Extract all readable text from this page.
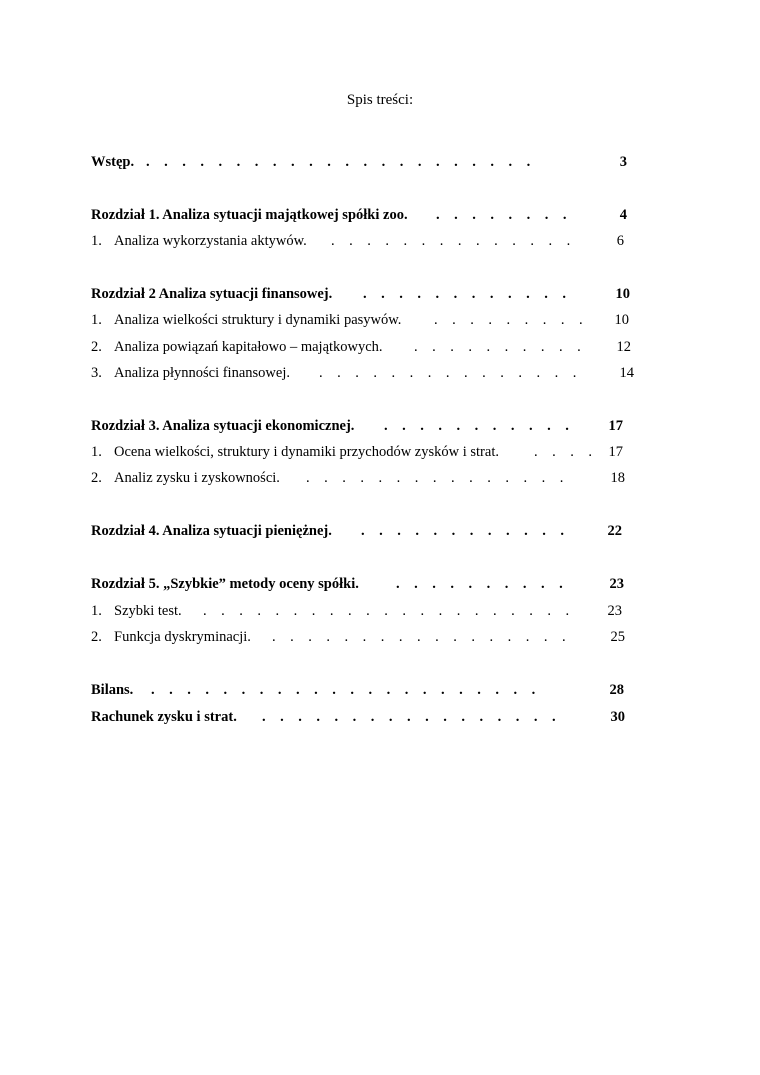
Spis treści:
Wstęp. .    .    .    .    .    .    .    .    .    .    .    .    .    .    .    .    .    .    .    .    .    .	3
Rozdział 1. Analiza sytuacji majątkowej spółki zoo. .    .    .    .    .    .    .    .	4
1. Analiza wykorzystania aktywów. .    .    .    .    .    .    .    .    .    .    .    .    .    .	6
Rozdział 2 Analiza sytuacji finansowej. .    .    .    .    .    .    .    .    .    .    .    .	10
1. Analiza wielkości struktury i dynamiki pasywów. .    .    .    .    .    .    .    .    .	10
2. Analiza powiązań kapitałowo – majątkowych. .    .    .    .    .    .    .    .    .    .	12
3. Analiza płynności finansowej. .    .    .    .    .    .    .    .    .    .    .    .    .    .    .	14
Rozdział 3. Analiza sytuacji ekonomicznej. .    .    .    .    .    .    .    .    .    .    .	17
1. Ocena wielkości, struktury i dynamiki przychodów zysków i strat. .    .    .    .	17
2. Analiz zysku i zyskowności. .    .    .    .    .    .    .    .    .    .    .    .    .    .    .	18
Rozdział 4. Analiza sytuacji pieniężnej. .    .    .    .    .    .    .    .    .    .    .    .	22
Rozdział 5. „Szybkie” metody oceny spółki.	.    .    .    .    .    .    .    .    .    .	23
1. Szybki test. .    .    .    .    .    .    .    .    .    .    .    .    .    .    .    .    .    .    .    .    .	23
2. Funkcja dyskryminacji. .    .    .    .    .    .    .    .    .    .    .    .    .    .    .    .    .	25
Bilans. .    .    .    .    .    .    .    .    .    .    .    .    .    .    .    .    .    .    .    .    .    .	28
Rachunek zysku i strat. .    .    .    .    .    .    .    .    .    .    .    .    .    .    .    .    .	30
